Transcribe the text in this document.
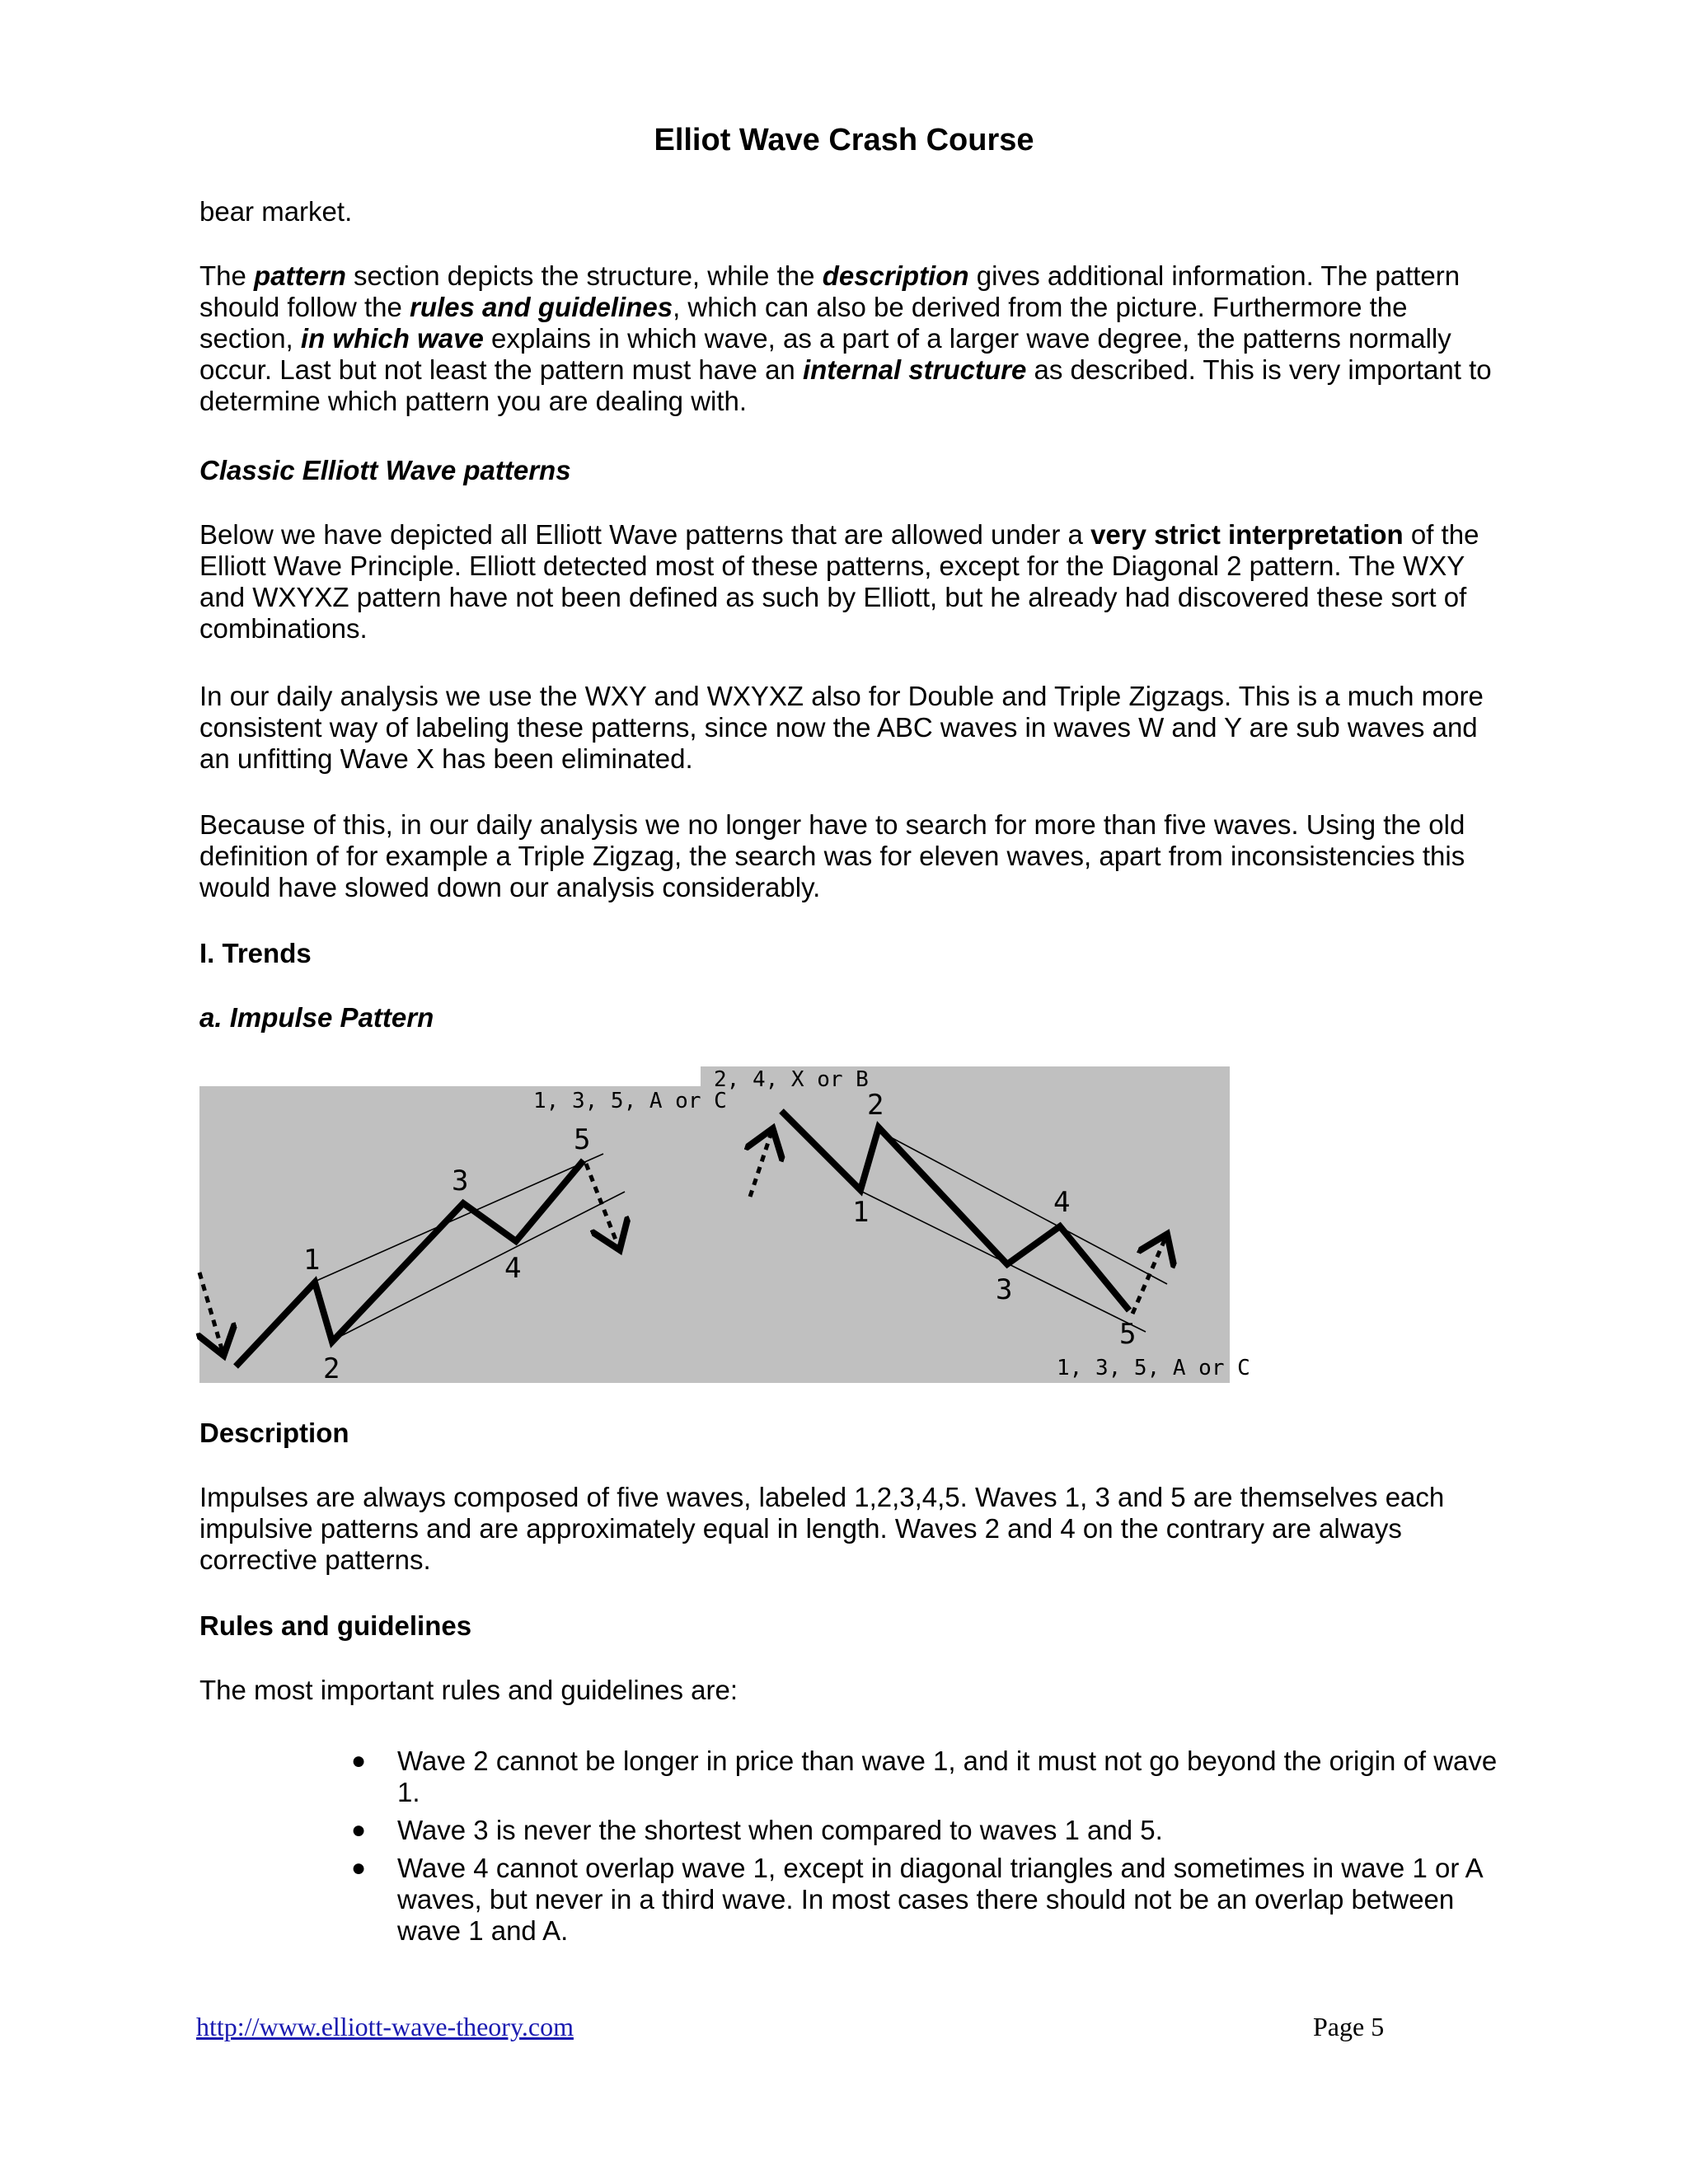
Elliot Wave Crash Course

bear market.

The pattern section depicts the structure, while the description gives additional information. The pattern should follow the rules and guidelines, which can also be derived from the picture. Furthermore the section, in which wave explains in which wave, as a part of a larger wave degree, the patterns normally occur. Last but not least the pattern must have an internal structure as described. This is very important to determine which pattern you are dealing with.

Classic Elliott Wave patterns

Below we have depicted all Elliott Wave patterns that are allowed under a very strict interpretation of the Elliott Wave Principle. Elliott detected most of these patterns, except for the Diagonal 2 pattern. The WXY and WXYXZ pattern have not been defined as such by Elliott, but he already had discovered these sort of combinations.

In our daily analysis we use the WXY and WXYXZ also for Double and Triple Zigzags. This is a much more consistent way of labeling these patterns, since now the ABC waves in waves W and Y are sub waves and an unfitting Wave X has been eliminated.

Because of this, in our daily analysis we no longer have to search for more than five waves. Using the old definition of for example a Triple Zigzag, the search was for eleven waves, apart from inconsistencies this would have slowed down our analysis considerably.

I. Trends

a. Impulse Pattern

1
2
3
4
5
1, 3, 5, A or C
1
2
3
4
5
2, 4, X or B
1, 3, 5, A or C

Description

Impulses are always composed of five waves, labeled 1,2,3,4,5. Waves 1, 3 and 5 are themselves each impulsive patterns and are approximately equal in length. Waves 2 and 4 on the contrary are always corrective patterns.

Rules and guidelines

The most important rules and guidelines are:

● Wave 2 cannot be longer in price than wave 1, and it must not go beyond the origin of wave 1.
● Wave 3 is never the shortest when compared to waves 1 and 5.
● Wave 4 cannot overlap wave 1, except in diagonal triangles and sometimes in wave 1 or A waves, but never in a third wave. In most cases there should not be an overlap between wave 1 and A.
http://www.elliott-wave-theory.com	Page 5
